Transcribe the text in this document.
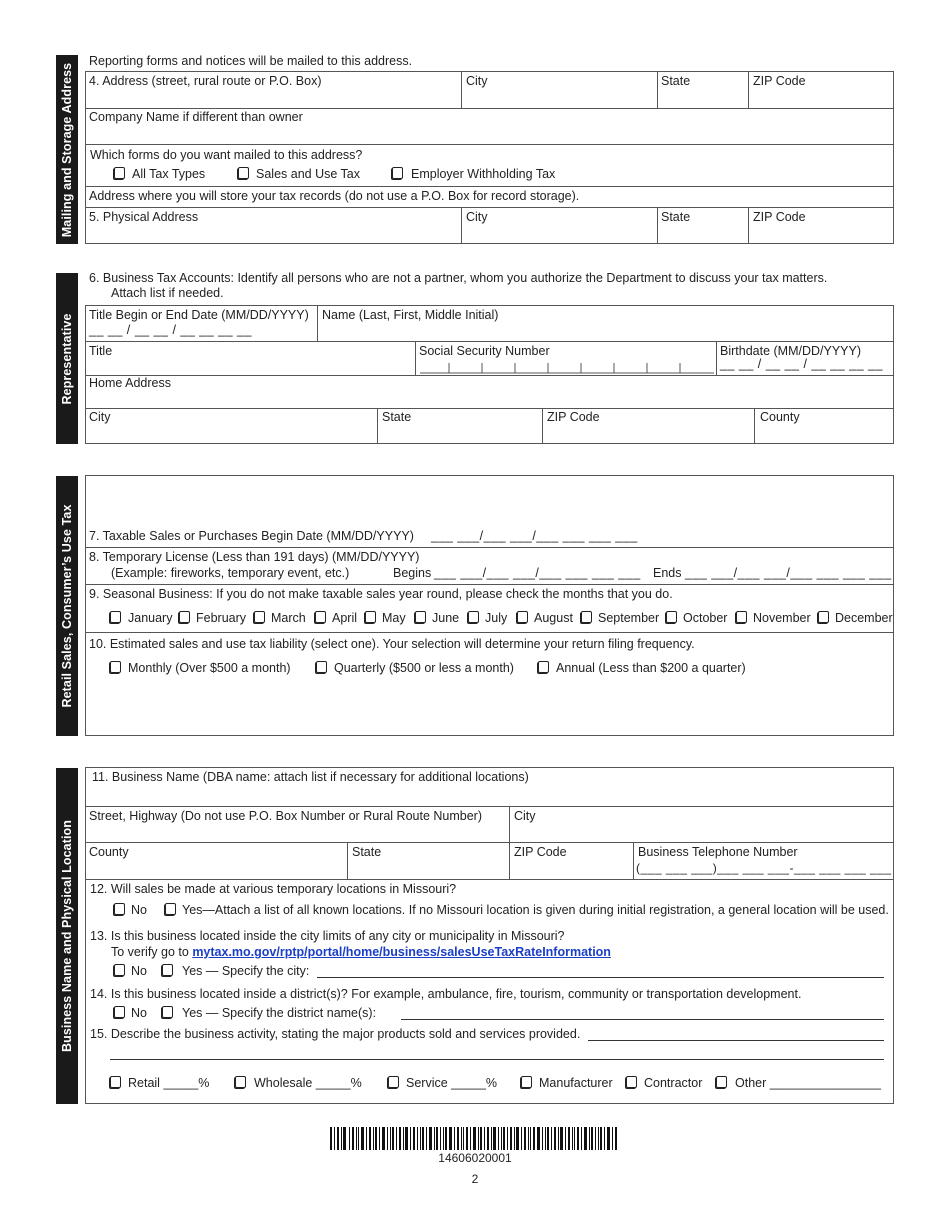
Mailing and Storage Address
Reporting forms and notices will be mailed to this address.
4. Address (street, rural route or P.O. Box)	City	State	ZIP Code
Company Name if different than owner
Which forms do you want mailed to this address?
All Tax Types	Sales and Use Tax	Employer Withholding Tax
Address where you will store your tax records (do not use a P.O. Box for record storage).
5. Physical Address	City	State	ZIP Code
Representative
6. Business Tax Accounts: Identify all persons who are not a partner, whom you authorize the Department to discuss your tax matters.
Attach list if needed.
Title Begin or End Date (MM/DD/YYYY)
__ __ / __ __ / __ __ __ __
Name (Last, First, Middle Initial)
Title	Social Security Number	Birthdate (MM/DD/YYYY)
__ __ / __ __ / __ __ __ __
Home Address
City	State	ZIP Code	County
Retail Sales, Consumer’s Use Tax 7. Taxable Sales or Purchases Begin Date (MM/DD/YYYY) ___ ___/___ ___/___ ___ ___ ___
8. Temporary License (Less than 191 days) (MM/DD/YYYY)
(Example: fireworks, temporary event, etc.)	Begins ___ ___/___ ___/___ ___ ___ ___ Ends ___ ___/___ ___/___ ___ ___ ___
9. Seasonal Business: If you do not make taxable sales year round, please check the months that you do.
January February March April May June July August September October November December
10. Estimated sales and use tax liability (select one). Your selection will determine your return filing frequency.
Monthly (Over $500 a month)	Quarterly ($500 or less a month)	Annual (Less than $200 a quarter)
Business Name and Physical Location
11. Business Name (DBA name: attach list if necessary for additional locations)
Street, Highway (Do not use P.O. Box Number or Rural Route Number)	City
County	State	ZIP Code	Business Telephone Number
(___ ___ ___)___ ___ ___-___ ___ ___ ___
12. Will sales be made at various temporary locations in Missouri?
No	Yes—Attach a list of all known locations. If no Missouri location is given during initial registration, a general location will be used.
13. Is this business located inside the city limits of any city or municipality in Missouri?
To verify go to mytax.mo.gov/rptp/portal/home/business/salesUseTaxRateInformation
No	Yes — Specify the city:
14. Is this business located inside a district(s)? For example, ambulance, fire, tourism, community or transportation development.
No	Yes — Specify the district name(s):
15. Describe the business activity, stating the major products sold and services provided.
Retail _____%	Wholesale _____%	Service _____%	Manufacturer	Contractor	Other ________________
14606020001
2
